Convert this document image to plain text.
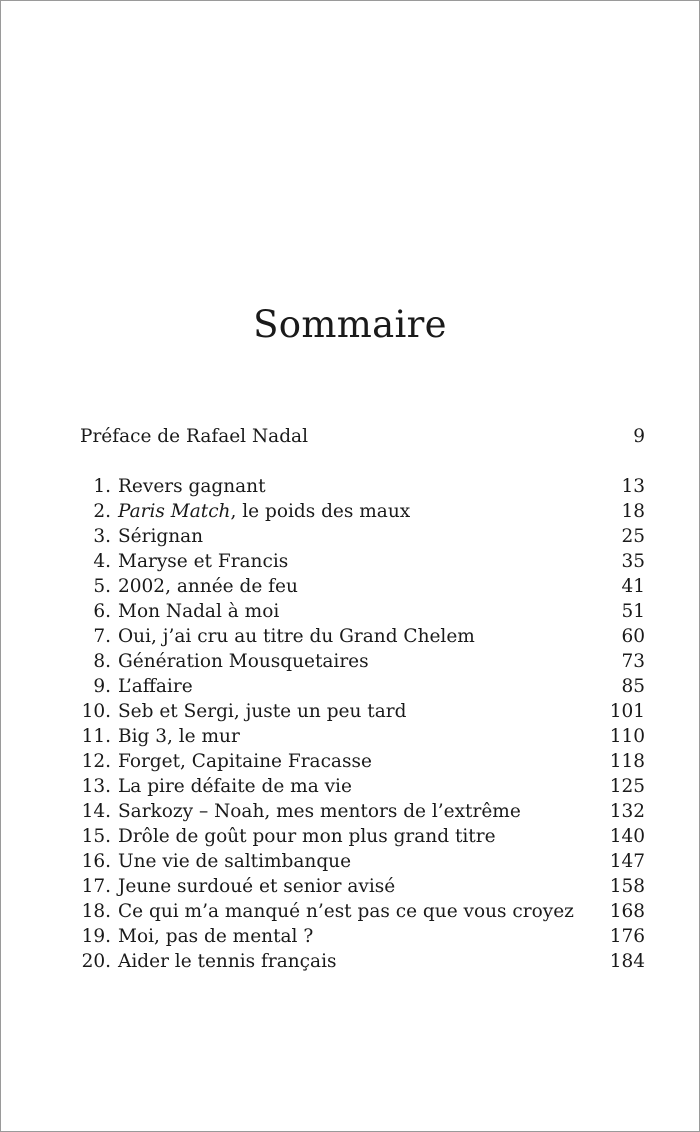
Sommaire
Préface de Rafael Nadal	9
1 . Revers gagnant	13
2 . Paris Match, le poids des maux	18
3 . Sérignan	25
4 . Maryse et Francis	35
5 . 2002, année de feu	41
6 . Mon Nadal à moi	51
7 . Oui, j’ai cru au titre du Grand Chelem	60
8 . Génération Mousquetaires	73
9 . L’affaire	85
10 . Seb et Sergi, juste un peu tard	101
11 . Big 3, le mur	110
12 . Forget, Capitaine Fracasse	118
13 . La pire défaite de ma vie	125
14 . Sarkozy – Noah, mes mentors de l’extrême	132
15 . Drôle de goût pour mon plus grand titre	140
16 . Une vie de saltimbanque	147
17 . Jeune surdoué et senior avisé	158
18 . Ce qui m’a manqué n’est pas ce que vous croyez	168
19 . Moi, pas de mental ?	176
20 . Aider le tennis français	184
